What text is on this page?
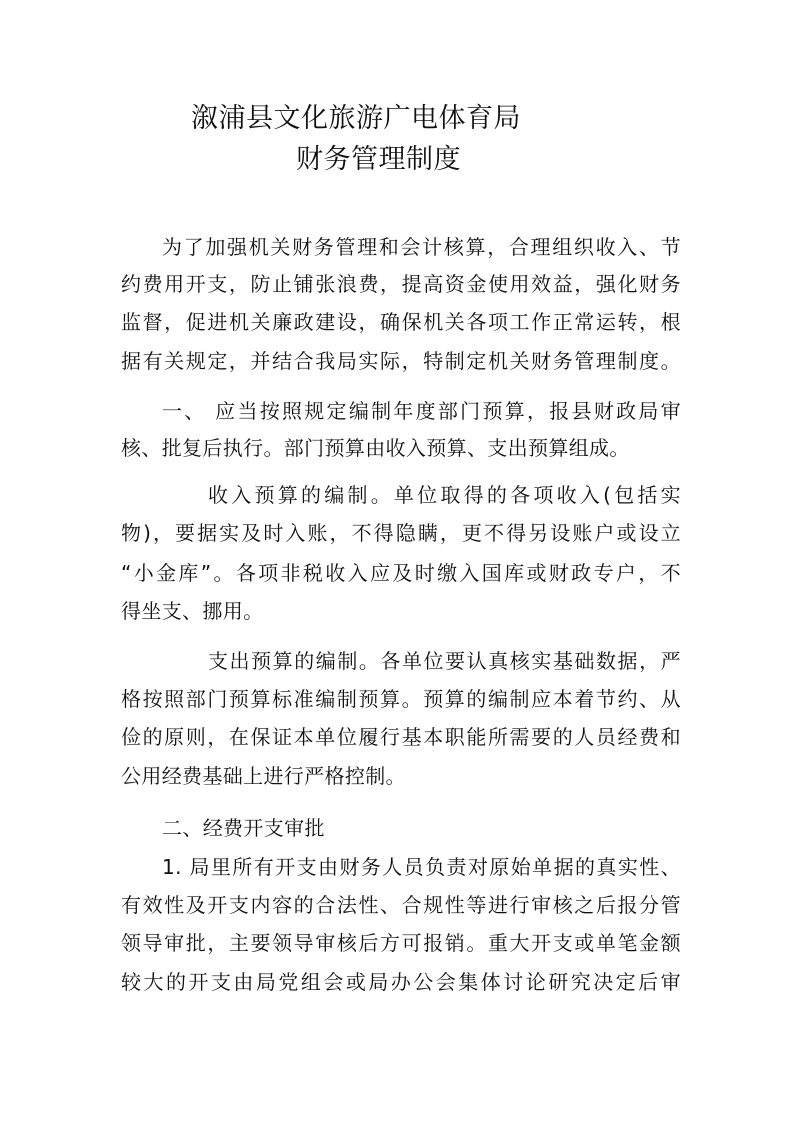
溆浦县文化旅游广电体育局
财务管理制度
为了加强机关财务管理和会计核算，合理组织收入、节
约费用开支，防止铺张浪费，提高资金使用效益，强化财务
监督，促进机关廉政建设，确保机关各项工作正常运转，根
据有关规定，并结合我局实际，特制定机关财务管理制度。
一、 应当按照规定编制年度部门预算，报县财政局审
核、批复后执行。部门预算由收入预算、支出预算组成。
收入预算的编制。单位取得的各项收入(包括实
物)，要据实及时入账，不得隐瞒，更不得另设账户或设立
“小金库”。各项非税收入应及时缴入国库或财政专户，不
得坐支、挪用。
支出预算的编制。各单位要认真核实基础数据，严
格按照部门预算标准编制预算。预算的编制应本着节约、从
俭的原则，在保证本单位履行基本职能所需要的人员经费和
公用经费基础上进行严格控制。
二、经费开支审批
1. 局里所有开支由财务人员负责对原始单据的真实性、
有效性及开支内容的合法性、合规性等进行审核之后报分管
领导审批，主要领导审核后方可报销。重大开支或单笔金额
较大的开支由局党组会或局办公会集体讨论研究决定后审
